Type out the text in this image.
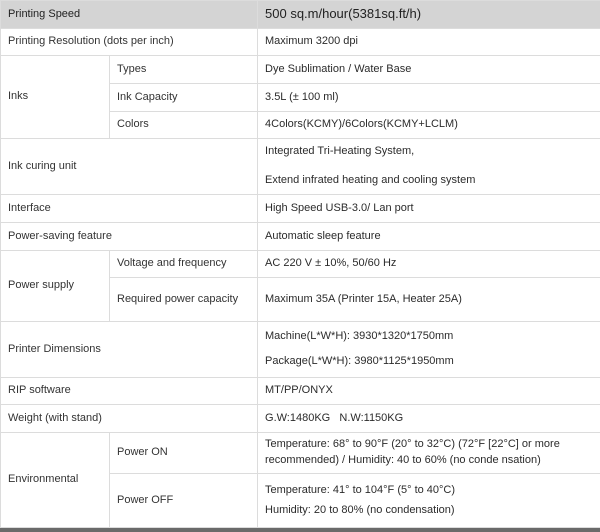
Printing Speed		500 sq.m/hour(5381sq.ft/h)
Printing Resolution (dots per inch)		Maximum 3200 dpi
Inks	Types	Dye Sublimation / Water Base
	Ink Capacity	3.5L (± 100 ml)
	Colors	4Colors(KCMY)/6Colors(KCMY+LCLM)
Ink curing unit		Integrated Tri-Heating System,
Extend infrated heating and cooling system

Interface		High Speed USB-3.0/ Lan port
Power-saving feature		Automatic sleep feature
Power supply	Voltage and frequency	AC 220 V ± 10%, 50/60 Hz
	Required power capacity	Maximum 35A (Printer 15A, Heater 25A)
Printer Dimensions		Machine(L*W*H): 3930*1320*1750mm
Package(L*W*H): 3980*1125*1950mm

RIP software		MT/PP/ONYX
Weight (with stand)		G.W:1480KG   N.W:1150KG
Environmental	Power ON	Temperature: 68° to 90°F (20° to 32°C) (72°F [22°C] or more
recommended) / Humidity: 40 to 60% (no conde nsation)

	Power OFF	Temperature: 41° to 104°F (5° to 40°C)
Humidity: 20 to 80% (no condensation)
